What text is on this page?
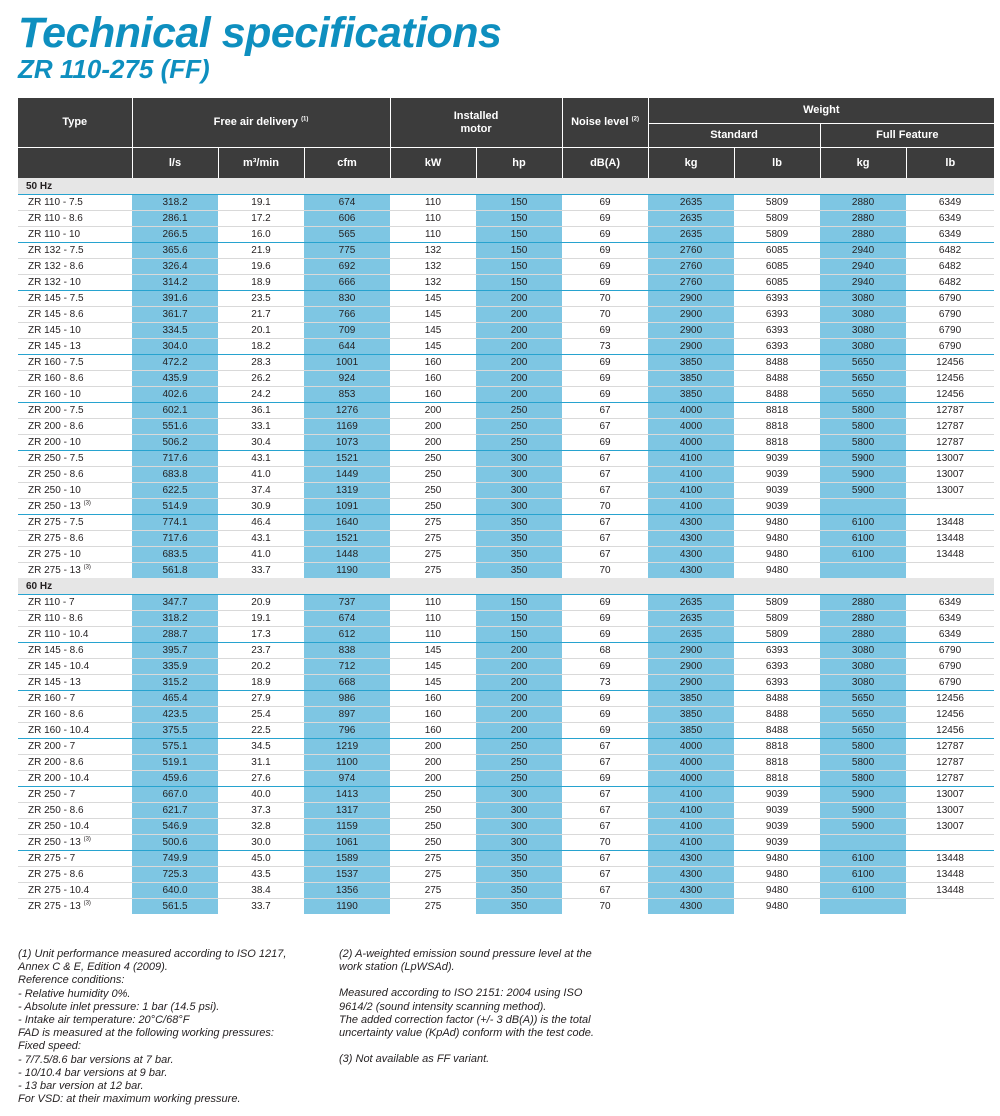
Technical specifications
ZR 110-275 (FF)
Type	Free air delivery $^{(1)}$			Installed motor		Noise level $^{(2)}$	Weight			
							Standard		Full Feature	
	l/s	m³/min	cfm	kW	hp	dB(A)	kg	lb	kg	lb
50 Hz										
ZR 110 - 7.5	318.2	19.1	674	110	150	69	2635	5809	2880	6349
ZR 110 - 8.6	286.1	17.2	606	110	150	69	2635	5809	2880	6349
ZR 110 - 10	266.5	16.0	565	110	150	69	2635	5809	2880	6349
ZR 132 - 7.5	365.6	21.9	775	132	150	69	2760	6085	2940	6482
ZR 132 - 8.6	326.4	19.6	692	132	150	69	2760	6085	2940	6482
ZR 132 - 10	314.2	18.9	666	132	150	69	2760	6085	2940	6482
ZR 145 - 7.5	391.6	23.5	830	145	200	70	2900	6393	3080	6790
ZR 145 - 8.6	361.7	21.7	766	145	200	70	2900	6393	3080	6790
ZR 145 - 10	334.5	20.1	709	145	200	69	2900	6393	3080	6790
ZR 145 - 13	304.0	18.2	644	145	200	73	2900	6393	3080	6790
ZR 160 - 7.5	472.2	28.3	1001	160	200	69	3850	8488	5650	12456
ZR 160 - 8.6	435.9	26.2	924	160	200	69	3850	8488	5650	12456
ZR 160 - 10	402.6	24.2	853	160	200	69	3850	8488	5650	12456
ZR 200 - 7.5	602.1	36.1	1276	200	250	67	4000	8818	5800	12787
ZR 200 - 8.6	551.6	33.1	1169	200	250	67	4000	8818	5800	12787
ZR 200 - 10	506.2	30.4	1073	200	250	69	4000	8818	5800	12787
ZR 250 - 7.5	717.6	43.1	1521	250	300	67	4100	9039	5900	13007
ZR 250 - 8.6	683.8	41.0	1449	250	300	67	4100	9039	5900	13007
ZR 250 - 10	622.5	37.4	1319	250	300	67	4100	9039	5900	13007
ZR 250 - 13 $^{(3)}$	514.9	30.9	1091	250	300	70	4100	9039		
ZR 275 - 7.5	774.1	46.4	1640	275	350	67	4300	9480	6100	13448
ZR 275 - 8.6	717.6	43.1	1521	275	350	67	4300	9480	6100	13448
ZR 275 - 10	683.5	41.0	1448	275	350	67	4300	9480	6100	13448
ZR 275 - 13 $^{(3)}$	561.8	33.7	1190	275	350	70	4300	9480		
60 Hz										
ZR 110 - 7	347.7	20.9	737	110	150	69	2635	5809	2880	6349
ZR 110 - 8.6	318.2	19.1	674	110	150	69	2635	5809	2880	6349
ZR 110 - 10.4	288.7	17.3	612	110	150	69	2635	5809	2880	6349
ZR 145 - 8.6	395.7	23.7	838	145	200	68	2900	6393	3080	6790
ZR 145 - 10.4	335.9	20.2	712	145	200	69	2900	6393	3080	6790
ZR 145 - 13	315.2	18.9	668	145	200	73	2900	6393	3080	6790
ZR 160 - 7	465.4	27.9	986	160	200	69	3850	8488	5650	12456
ZR 160 - 8.6	423.5	25.4	897	160	200	69	3850	8488	5650	12456
ZR 160 - 10.4	375.5	22.5	796	160	200	69	3850	8488	5650	12456
ZR 200 - 7	575.1	34.5	1219	200	250	67	4000	8818	5800	12787
ZR 200 - 8.6	519.1	31.1	1100	200	250	67	4000	8818	5800	12787
ZR 200 - 10.4	459.6	27.6	974	200	250	69	4000	8818	5800	12787
ZR 250 - 7	667.0	40.0	1413	250	300	67	4100	9039	5900	13007
ZR 250 - 8.6	621.7	37.3	1317	250	300	67	4100	9039	5900	13007
ZR 250 - 10.4	546.9	32.8	1159	250	300	67	4100	9039	5900	13007
ZR 250 - 13 $^{(3)}$	500.6	30.0	1061	250	300	70	4100	9039		
ZR 275 - 7	749.9	45.0	1589	275	350	67	4300	9480	6100	13448
ZR 275 - 8.6	725.3	43.5	1537	275	350	67	4300	9480	6100	13448
ZR 275 - 10.4	640.0	38.4	1356	275	350	67	4300	9480	6100	13448
ZR 275 - 13 $^{(3)}$	561.5	33.7	1190	275	350	70	4300	9480		
(1) Unit performance measured according to ISO 1217,
Annex C & E, Edition 4 (2009).
Reference conditions:
- Relative humidity 0%.
- Absolute inlet pressure: 1 bar (14.5 psi).
- Intake air temperature: 20°C/68°F
FAD is measured at the following working pressures:
Fixed speed:
- 7/7.5/8.6 bar versions at 7 bar.
- 10/10.4 bar versions at 9 bar.
- 13 bar version at 12 bar.
For VSD: at their maximum working pressure.
(2) A-weighted emission sound pressure level at the
work station (LpWSAd).
Measured according to ISO 2151: 2004 using ISO
9614/2 (sound intensity scanning method).
The added correction factor (+/- 3 dB(A)) is the total
uncertainty value (KpAd) conform with the test code.
(3) Not available as FF variant.
